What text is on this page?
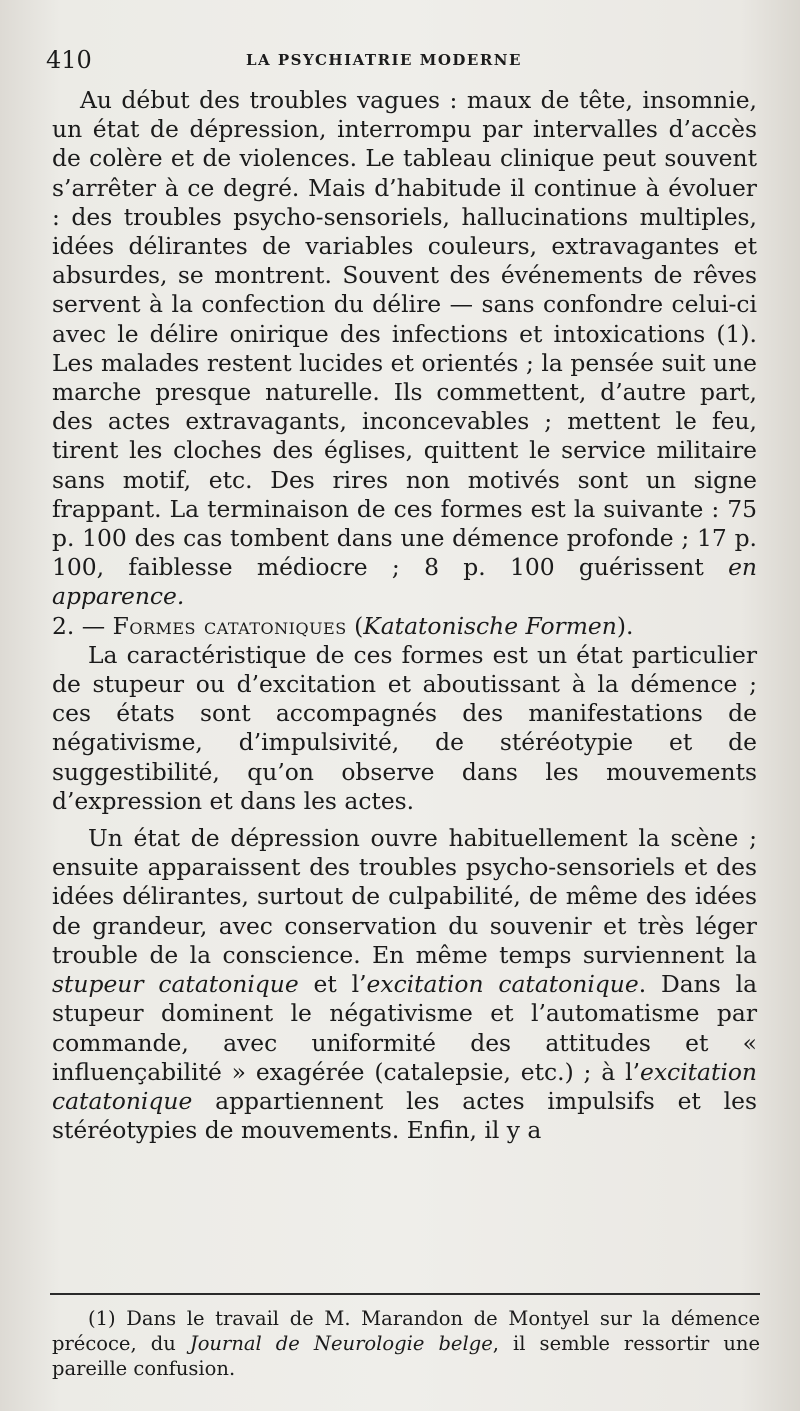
410	LA PSYCHIATRIE MODERNE

Au début des troubles vagues : maux de tête, insomnie, un état de dépression, interrompu par intervalles d’accès de colère et de violences. Le tableau clinique peut souvent s’arrêter à ce degré. Mais d’habitude il continue à évoluer : des troubles psycho-sensoriels, hallucinations multiples, idées délirantes de variables couleurs, extravagantes et absurdes, se montrent. Souvent des événements de rêves servent à la confection du délire — sans confondre celui-ci avec le délire onirique des infections et intoxications (1). Les malades restent lucides et orientés ; la pensée suit une marche presque naturelle. Ils commettent, d’autre part, des actes extravagants, inconcevables ; mettent le feu, tirent les cloches des églises, quittent le service militaire sans motif, etc. Des rires non motivés sont un signe frappant. La terminaison de ces formes est la suivante : 75 p. 100 des cas tombent dans une démence profonde ; 17 p. 100, faiblesse médiocre ; 8 p. 100 guérissent en apparence.

2. — Formes catatoniques (Katatonische Formen).

La caractéristique de ces formes est un état particulier de stupeur ou d’excitation et aboutissant à la démence ; ces états sont accompagnés des manifestations de négativisme, d’impulsivité, de stéréotypie et de suggestibilité, qu’on observe dans les mouvements d’expression et dans les actes.

Un état de dépression ouvre habituellement la scène ; ensuite apparaissent des troubles psycho-sensoriels et des idées délirantes, surtout de culpabilité, de même des idées de grandeur, avec conservation du souvenir et très léger trouble de la conscience. En même temps surviennent la stupeur catatonique et l’excitation catatonique. Dans la stupeur dominent le négativisme et l’automatisme par commande, avec uniformité des attitudes et « influençabilité » exagérée (catalepsie, etc.) ; à l’excitation catatonique appartiennent les actes impulsifs et les stéréotypies de mouvements. Enfin, il y a

(1) Dans le travail de M. Marandon de Montyel sur la démence précoce, du Journal de Neurologie belge, il semble ressortir une pareille confusion.
